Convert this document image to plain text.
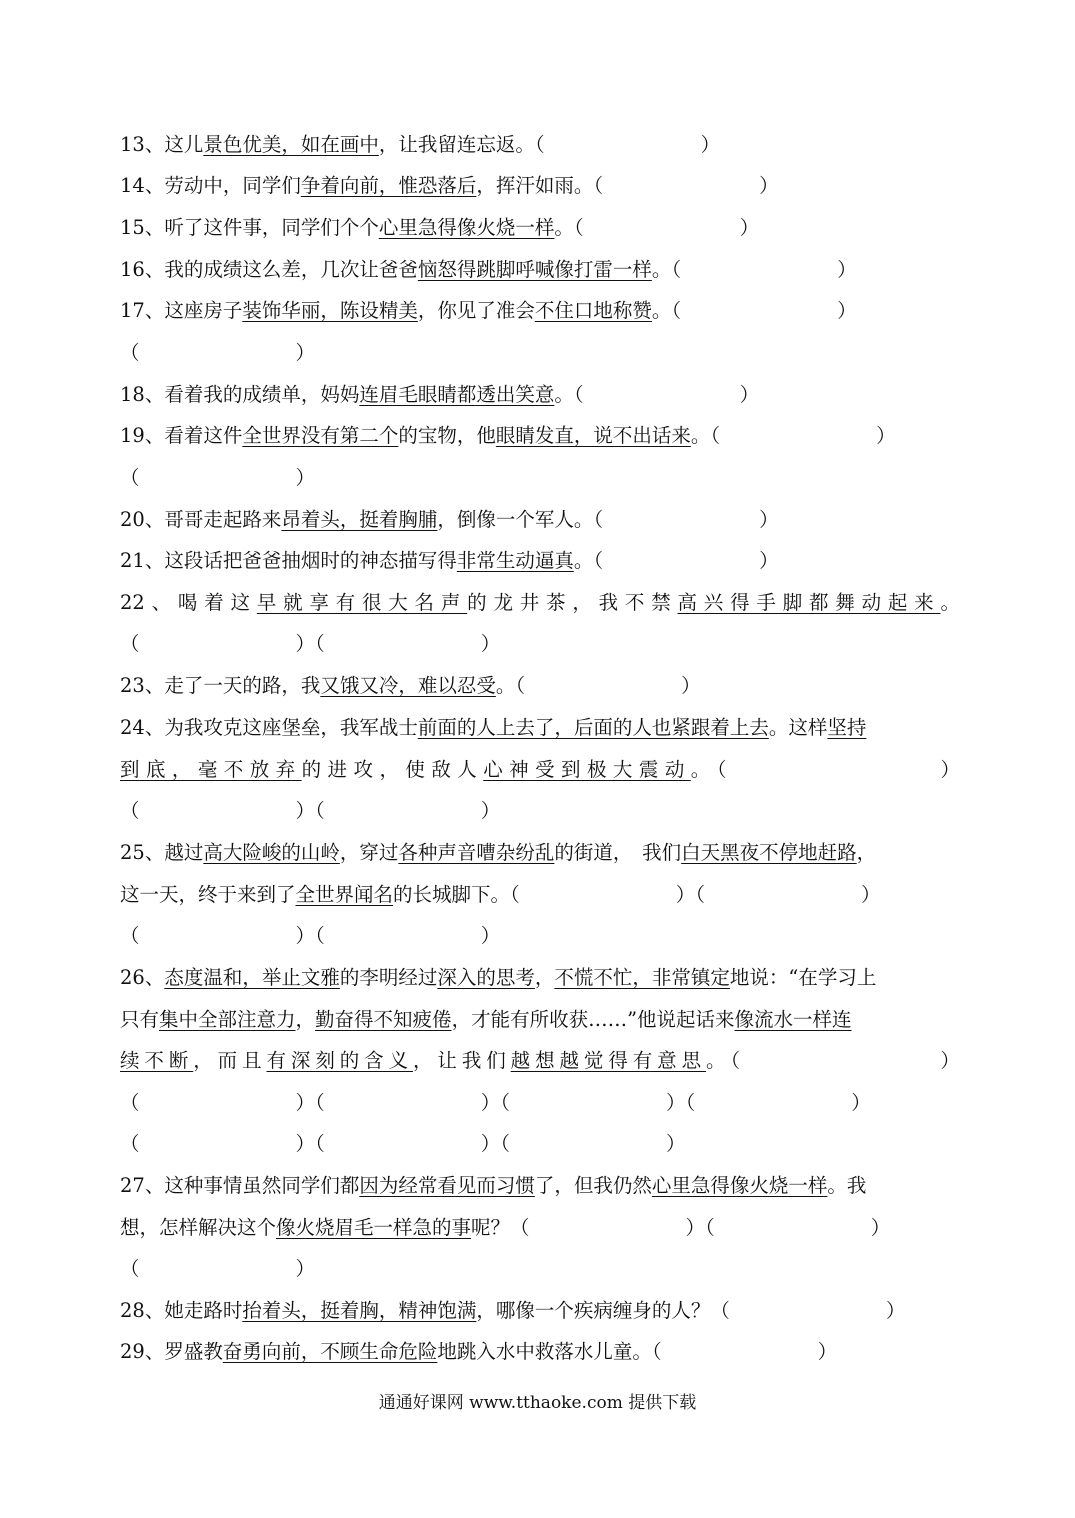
13、这儿景色优美，如在画中，让我留连忘返。（　　　　　　　　）
14、劳动中，同学们争着向前，惟恐落后，挥汗如雨。（　　　　　　　　）
15、听了这件事，同学们个个心里急得像火烧一样。（　　　　　　　　）
16、我的成绩这么差，几次让爸爸恼怒得跳脚呼喊像打雷一样。（　　　　　　　　）
17、这座房子装饰华丽，陈设精美，你见了准会不住口地称赞。（　　　　　　　　）
（　　　　　　　　）
18、看着我的成绩单，妈妈连眉毛眼睛都透出笑意。（　　　　　　　　）
19、看着这件全世界没有第二个的宝物，他眼睛发直，说不出话来。（　　　　　　　　）
（　　　　　　　　）
20、哥哥走起路来昂着头，挺着胸脯，倒像一个军人。（　　　　　　　　）
21、这段话把爸爸抽烟时的神态描写得非常生动逼真。（　　　　　　　　）
22、喝着这早就享有很大名声的龙井茶，我不禁高兴得手脚都舞动起来。
（　　　　　　　　）（　　　　　　　　）
23、走了一天的路，我又饿又冷，难以忍受。（　　　　　　　　）
24、为我攻克这座堡垒，我军战士前面的人上去了，后面的人也紧跟着上去。这样坚持
到底，毫不放弃的进攻，使敌人心神受到极大震动。（　　　　　　　　）
（　　　　　　　　）（　　　　　　　　）
25、越过高大险峻的山岭，穿过各种声音嘈杂纷乱的街道，　我们白天黑夜不停地赶路，
这一天，终于来到了全世界闻名的长城脚下。（　　　　　　　　）（　　　　　　　　）
（　　　　　　　　）（　　　　　　　　）
26、态度温和，举止文雅的李明经过深入的思考，不慌不忙，非常镇定地说：“在学习上
只有集中全部注意力，勤奋得不知疲倦，才能有所收获……”他说起话来像流水一样连
续不断，而且有深刻的含义，让我们越想越觉得有意思。（　　　　　　　　）
（　　　　　　　　）（　　　　　　　　）（　　　　　　　　）（　　　　　　　　）
（　　　　　　　　）（　　　　　　　　）（　　　　　　　　）
27、这种事情虽然同学们都因为经常看见而习惯了，但我仍然心里急得像火烧一样。我
想，怎样解决这个像火烧眉毛一样急的事呢？（　　　　　　　　）（　　　　　　　　）
（　　　　　　　　）
28、她走路时抬着头，挺着胸，精神饱满，哪像一个疾病缠身的人？（　　　　　　　　）
29、罗盛教奋勇向前，不顾生命危险地跳入水中救落水儿童。（　　　　　　　　）
通通好课网 www.tthaoke.com 提供下载
